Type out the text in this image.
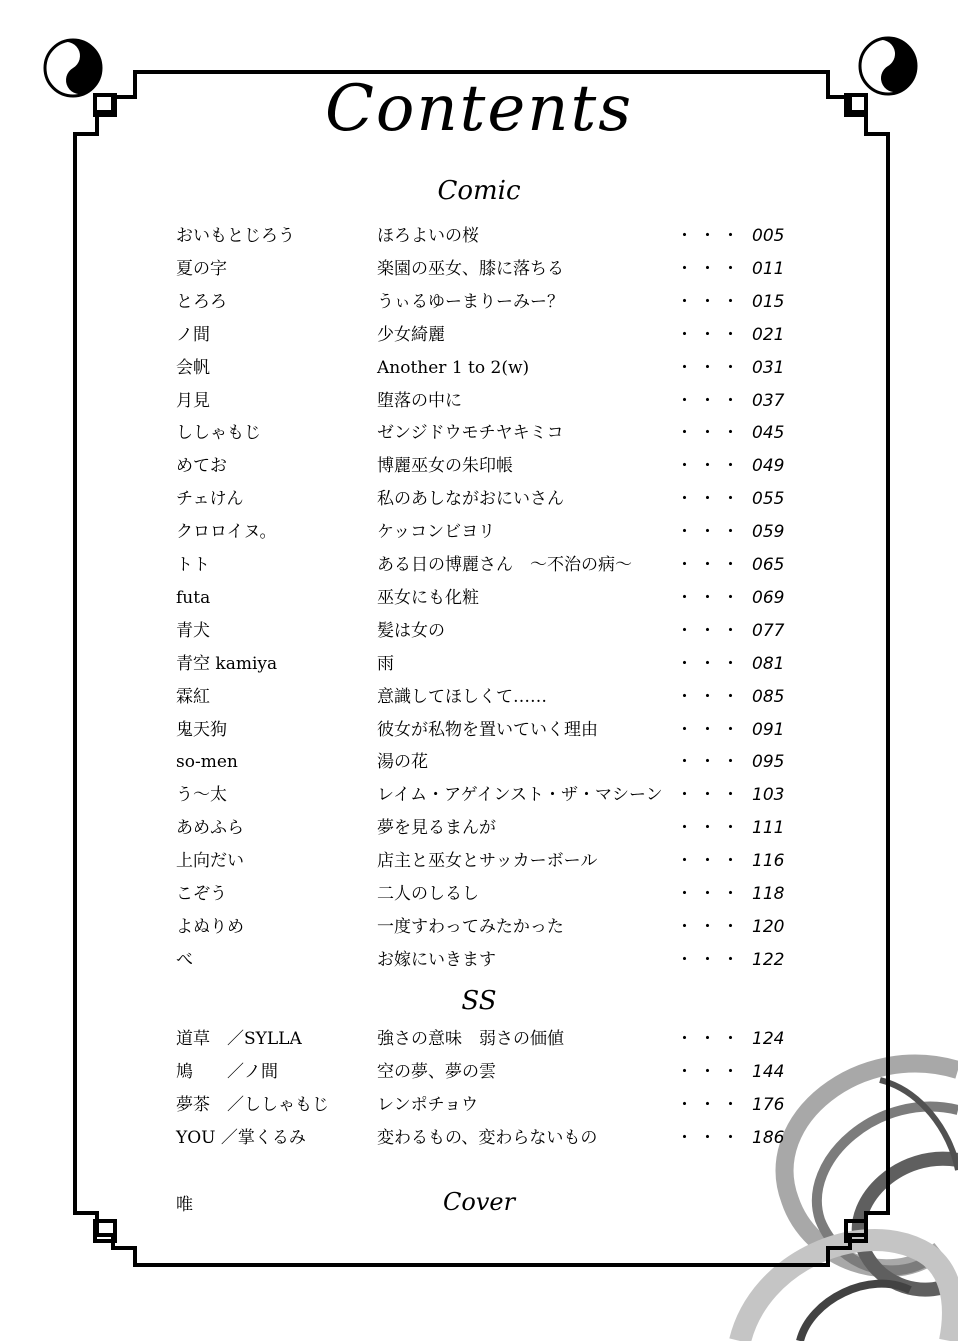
Contents
Comic
おいもとじろう	ほろよいの桜	・・・ 005
夏の字	楽園の巫女、膝に落ちる	・・・ 011
とろろ	うぃるゆーまりーみー？	・・・ 015
ノ間	少女綺麗	・・・ 021
会帆	Another 1 to 2(w)	・・・ 031
月見	堕落の中に	・・・ 037
ししゃもじ	ゼンジドウモチヤキミコ	・・・ 045
めてお	博麗巫女の朱印帳	・・・ 049
チェけん	私のあしながおにいさん	・・・ 055
クロロイヌ。	ケッコンビヨリ	・・・ 059
トト	ある日の博麗さん　～不治の病～	・・・ 065
futa	巫女にも化粧	・・・ 069
青犬	髪は女の	・・・ 077
青空 kamiya	雨	・・・ 081
霖紅	意識してほしくて……	・・・ 085
鬼天狗	彼女が私物を置いていく理由	・・・ 091
so-men	湯の花	・・・ 095
う～太	レイム・アゲインスト・ザ・マシーン ・・・ 103
あめふら	夢を見るまんが	・・・ 111
上向だい	店主と巫女とサッカーボール	・・・ 116
こぞう	二人のしるし	・・・ 118
よぬりめ	一度すわってみたかった	・・・ 120
べ	お嫁にいきます	・・・ 122
SS
道草　／SYLLA	強さの意味　弱さの価値	・・・ 124
鳩　　／ノ間	空の夢、夢の雲	・・・ 144
夢茶　／ししゃもじ	レンポチョウ	・・・ 176
YOU ／掌くるみ	変わるもの、変わらないもの	・・・ 186
唯	Cover
